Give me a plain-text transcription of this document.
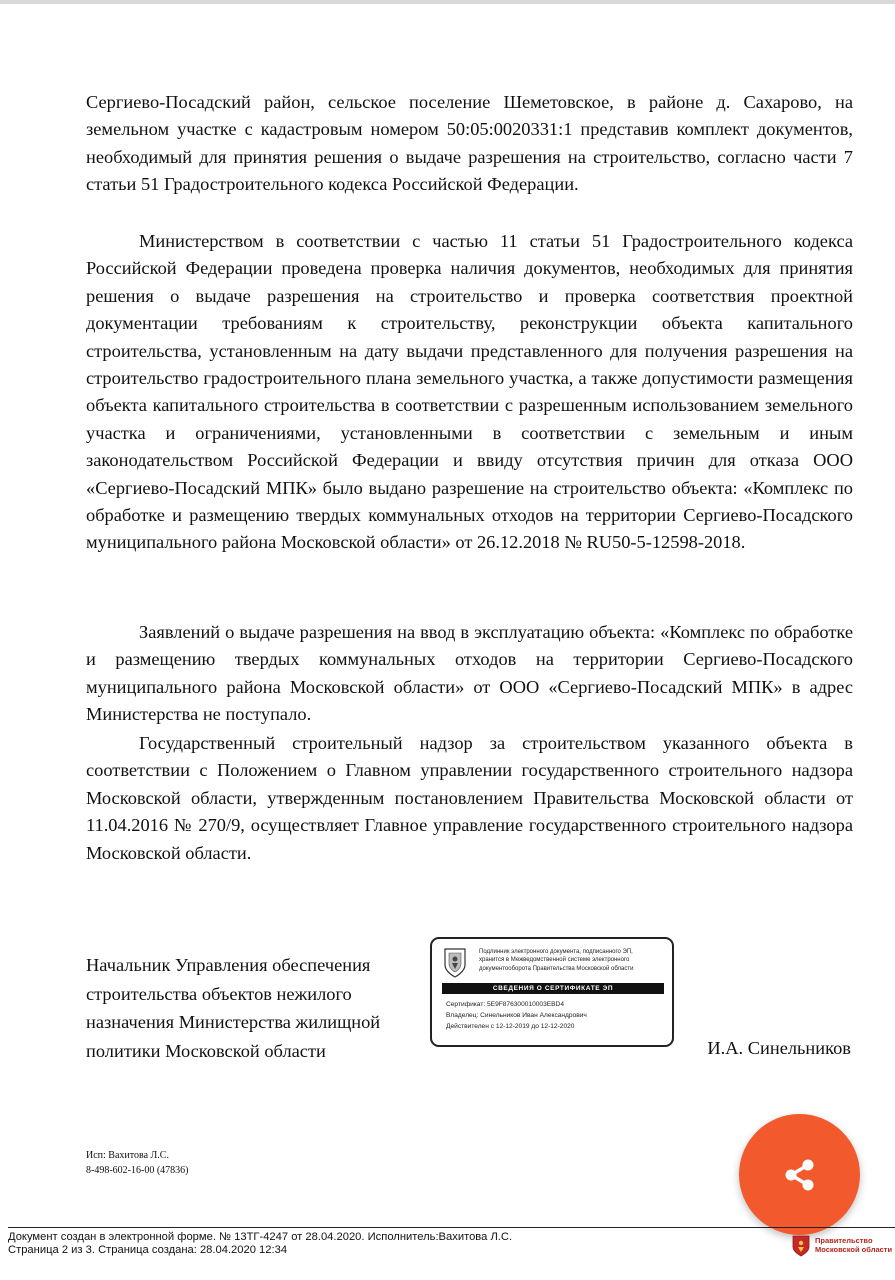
Сергиево-Посадский район, сельское поселение Шеметовское, в районе д. Сахарово, на земельном участке с кадастровым номером 50:05:0020331:1 представив комплект документов, необходимый для принятия решения о выдаче разрешения на строительство, согласно части 7 статьи 51 Градостроительного кодекса Российской Федерации.

Министерством в соответствии с частью 11 статьи 51 Градостроительного кодекса Российской Федерации проведена проверка наличия документов, необходимых для принятия решения о выдаче разрешения на строительство и проверка соответствия проектной документации требованиям к строительству, реконструкции объекта капитального строительства, установленным на дату выдачи представленного для получения разрешения на строительство градостроительного плана земельного участка, а также допустимости размещения объекта капитального строительства в соответствии с разрешенным использованием земельного участка и ограничениями, установленными в соответствии с земельным и иным законодательством Российской Федерации и ввиду отсутствия причин для отказа ООО «Сергиево-Посадский МПК» было выдано разрешение на строительство объекта: «Комплекс по обработке и размещению твердых коммунальных отходов на территории Сергиево-Посадского муниципального района Московской области» от 26.12.2018 № RU50-5-12598-2018.

Заявлений о выдаче разрешения на ввод в эксплуатацию объекта: «Комплекс по обработке и размещению твердых коммунальных отходов на территории Сергиево-Посадского муниципального района Московской области» от ООО «Сергиево-Посадский МПК» в адрес Министерства не поступало.

Государственный строительный надзор за строительством указанного объекта в соответствии с Положением о Главном управлении государственного строительного надзора Московской области, утвержденным постановлением Правительства Московской области от 11.04.2016 № 270/9, осуществляет Главное управление государственного строительного надзора Московской области.

Начальник Управления обеспечения
строительства объектов нежилого
назначения Министерства жилищной
политики Московской области
Подлинник электронного документа, подписанного ЭП,
хранится в Межведомственной системе электронного
документооборота Правительства Московской области
СВЕДЕНИЯ О СЕРТИФИКАТЕ ЭП
Сертификат: 5E9F876300010003EBD4
Владелец: Синельников Иван Александрович
Действителен с 12-12-2019 до 12-12-2020
И.А. Синельников
Исп: Вахитова Л.С.
8-498-602-16-00 (47836)
Документ создан в электронной форме. № 13ТГ-4247 от 28.04.2020. Исполнитель:Вахитова Л.С.
Страница 2 из 3. Страница создана: 28.04.2020 12:34
Правительство
Московской области
